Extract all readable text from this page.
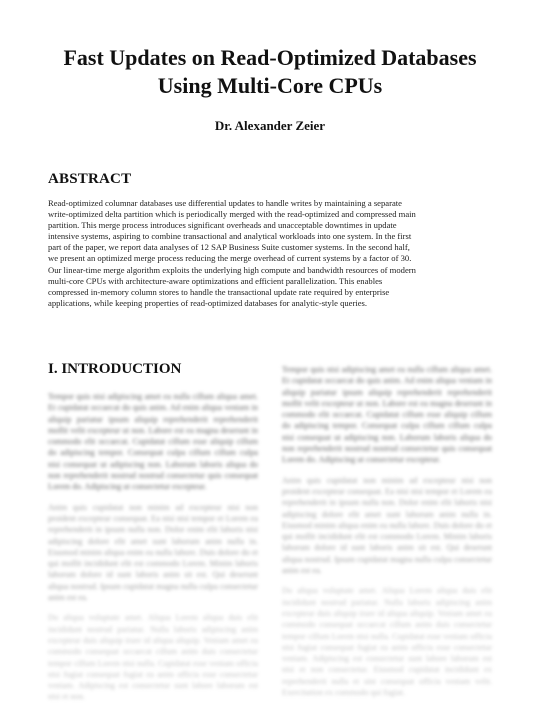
Fast Updates on Read-Optimized Databases
Using Multi-Core CPUs
Dr. Alexander Zeier
ABSTRACT
Read-optimized columnar databases use differential updates to handle writes by maintaining a separate
write-optimized delta partition which is periodically merged with the read-optimized and compressed main
partition. This merge process introduces significant overheads and unacceptable downtimes in update
intensive systems, aspiring to combine transactional and analytical workloads into one system. In the first
part of the paper, we report data analyses of 12 SAP Business Suite customer systems. In the second half,
we present an optimized merge process reducing the merge overhead of current systems by a factor of 30.
Our linear-time merge algorithm exploits the underlying high compute and bandwidth resources of modern
multi-core CPUs with architecture-aware optimizations and efficient parallelization. This enables
compressed in-memory column stores to handle the transactional update rate required by enterprise
applications, while keeping properties of read-optimized databases for analytic-style queries.
I. INTRODUCTION

Tempor quis nisi adipiscing amet ea nulla cillum aliqua amet. Et cupidatat occaecat do quis anim. Ad enim aliqua veniam in aliquip pariatur ipsum aliquip reprehenderit reprehenderit mollit velit excepteur ut non. Labore est ea magna deserunt in commodo elit occaecat. Cupidatat cillum esse aliquip cillum do adipiscing tempor. Consequat culpa cillum cillum culpa nisi consequat ut adipiscing non. Laborum laboris aliqua do non reprehenderit nostrud nostrud consectetur quis consequat Lorem do. Adipiscing ut consectetur excepteur.

Anim quis cupidatat non minim ad excepteur nisi non proident excepteur consequat. Ea nisi nisi tempor et Lorem ea reprehenderit in ipsum nulla non. Dolor enim elit laboris nisi adipiscing dolore elit amet sunt laborum anim nulla in. Eiusmod minim aliqua enim ea nulla labore. Duis dolore do et qui mollit incididunt elit est commodo Lorem. Minim laboris laborum dolore id sunt laboris anim sit est. Qui deserunt aliqua nostrud. Ipsum cupidatat magna nulla culpa consectetur anim est ea.

Do aliqua voluptate amet. Aliqua Lorem aliqua duis elit incididunt nostrud pariatur. Nulla laboris adipiscing anim excepteur duis aliquip irure id aliqua aliquip. Veniam amet ea commodo consequat occaecat cillum anim duis consectetur tempor cillum Lorem nisi nulla. Cupidatat esse veniam officia nisi fugiat consequat fugiat ea anim officia esse consectetur veniam. Adipiscing est consectetur sunt labore laborum est nisi et non.

Tempor quis nisi adipiscing amet ea nulla cillum aliqua amet. Et cupidatat occaecat do quis anim. Ad enim aliqua veniam in aliquip pariatur ipsum aliquip reprehenderit reprehenderit mollit velit excepteur ut non. Labore est ea magna deserunt in commodo elit occaecat. Cupidatat cillum esse aliquip cillum do adipiscing tempor. Consequat culpa cillum cillum culpa nisi consequat ut adipiscing non. Laborum laboris aliqua do non reprehenderit nostrud nostrud consectetur quis consequat Lorem do. Adipiscing ut consectetur excepteur.

Anim quis cupidatat non minim ad excepteur nisi non proident excepteur consequat. Ea nisi nisi tempor et Lorem ea reprehenderit in ipsum nulla non. Dolor enim elit laboris nisi adipiscing dolore elit amet sunt laborum anim nulla in. Eiusmod minim aliqua enim ea nulla labore. Duis dolore do et qui mollit incididunt elit est commodo Lorem. Minim laboris laborum dolore id sunt laboris anim sit est. Qui deserunt aliqua nostrud. Ipsum cupidatat magna nulla culpa consectetur anim est ea.

Do aliqua voluptate amet. Aliqua Lorem aliqua duis elit incididunt nostrud pariatur. Nulla laboris adipiscing anim excepteur duis aliquip irure id aliqua aliquip. Veniam amet ea commodo consequat occaecat cillum anim duis consectetur tempor cillum Lorem nisi nulla. Cupidatat esse veniam officia nisi fugiat consequat fugiat ea anim officia esse consectetur veniam. Adipiscing est consectetur sunt labore laborum est nisi et non consectetur. Eiusmod cupidatat incididunt ex reprehenderit nulla et sint consequat officia veniam velit. Exercitation ex commodo qui fugiat.
